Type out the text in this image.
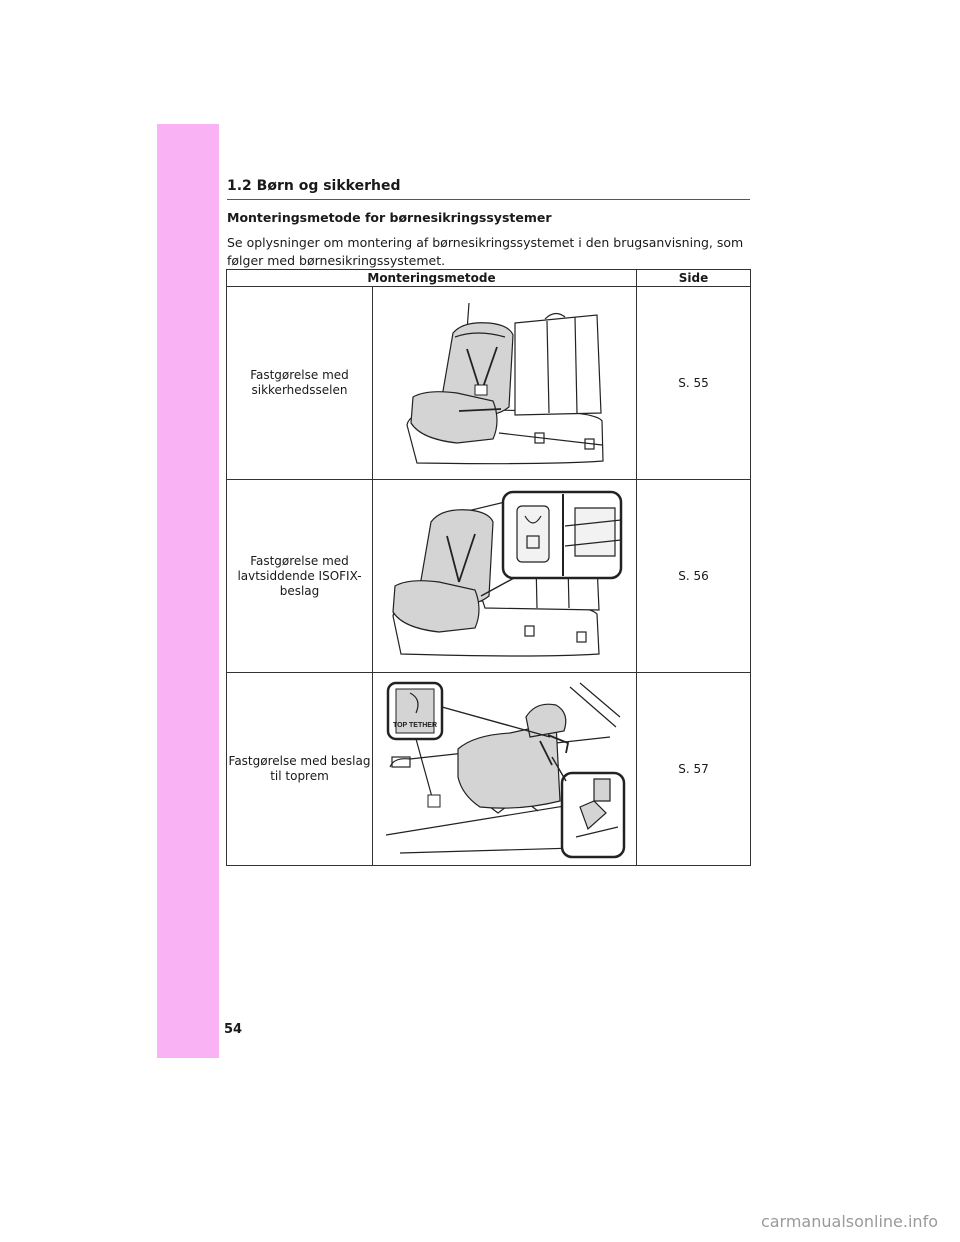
1.2 Børn og sikkerhed
Monteringsmetode for børnesikringssystemer

Se oplysninger om montering af børnesikringssystemet i den brugsanvisning, som følger med børnesikringssystemet.

Monteringsmetode		Side
Fastgørelse med sikkerhedsselen		S. 55
Fastgørelse med lavtsiddende ISOFIX-beslag		S. 56
Fastgørelse med beslag til toprem	TOP TETHER	S. 57
54
carmanualsonline.info
